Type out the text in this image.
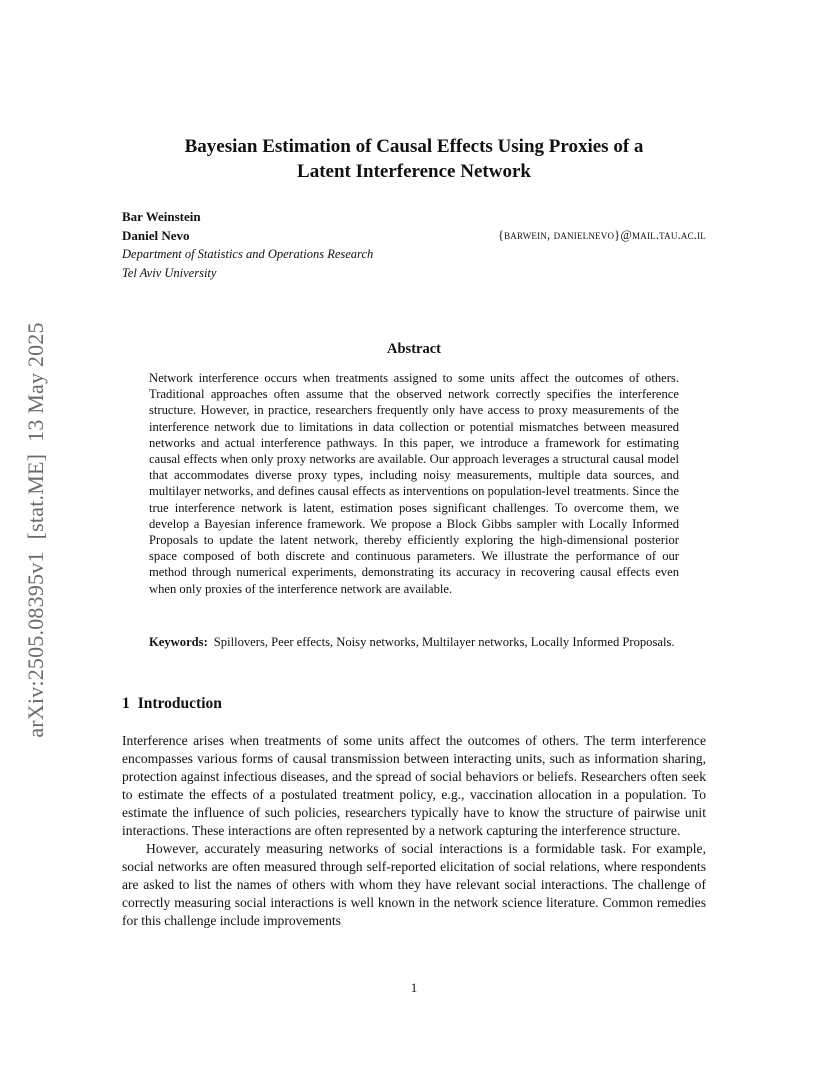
arXiv:2505.08395v1[stat.ME]13 May 2025
Bayesian Estimation of Causal Effects Using Proxies of a
Latent Interference Network
Bar Weinstein
Daniel Nevo	{barwein, danielnevo}@mail.tau.ac.il
Department of Statistics and Operations Research
Tel Aviv University
Abstract
Network interference occurs when treatments assigned to some units affect the outcomes of others. Traditional approaches often assume that the observed network correctly specifies the interference structure. However, in practice, researchers frequently only have access to proxy measurements of the interference network due to limitations in data collection or potential mismatches between measured networks and actual interference pathways. In this paper, we introduce a framework for estimating causal effects when only proxy networks are available. Our approach leverages a structural causal model that accommodates diverse proxy types, including noisy measurements, multiple data sources, and multilayer networks, and defines causal effects as interventions on population-level treatments. Since the true interference network is latent, estimation poses significant challenges. To overcome them, we develop a Bayesian inference framework. We propose a Block Gibbs sampler with Locally Informed Proposals to update the latent network, thereby efficiently exploring the high-dimensional posterior space composed of both discrete and continuous parameters. We illustrate the performance of our method through numerical experiments, demonstrating its accuracy in recovering causal effects even when only proxies of the interference network are available.
Keywords: Spillovers, Peer effects, Noisy networks, Multilayer networks, Locally Informed Proposals.
1 Introduction

Interference arises when treatments of some units affect the outcomes of others. The term interference encompasses various forms of causal transmission between interacting units, such as information sharing, protection against infectious diseases, and the spread of social behaviors or beliefs. Researchers often seek to estimate the effects of a postulated treatment policy, e.g., vaccination allocation in a population. To estimate the influence of such policies, researchers typically have to know the structure of pairwise unit interactions. These interactions are often represented by a network capturing the interference structure.

However, accurately measuring networks of social interactions is a formidable task. For example, social networks are often measured through self-reported elicitation of social relations, where respondents are asked to list the names of others with whom they have relevant social interactions. The challenge of correctly measuring social interactions is well known in the network science literature. Common remedies for this challenge include improvements

1
